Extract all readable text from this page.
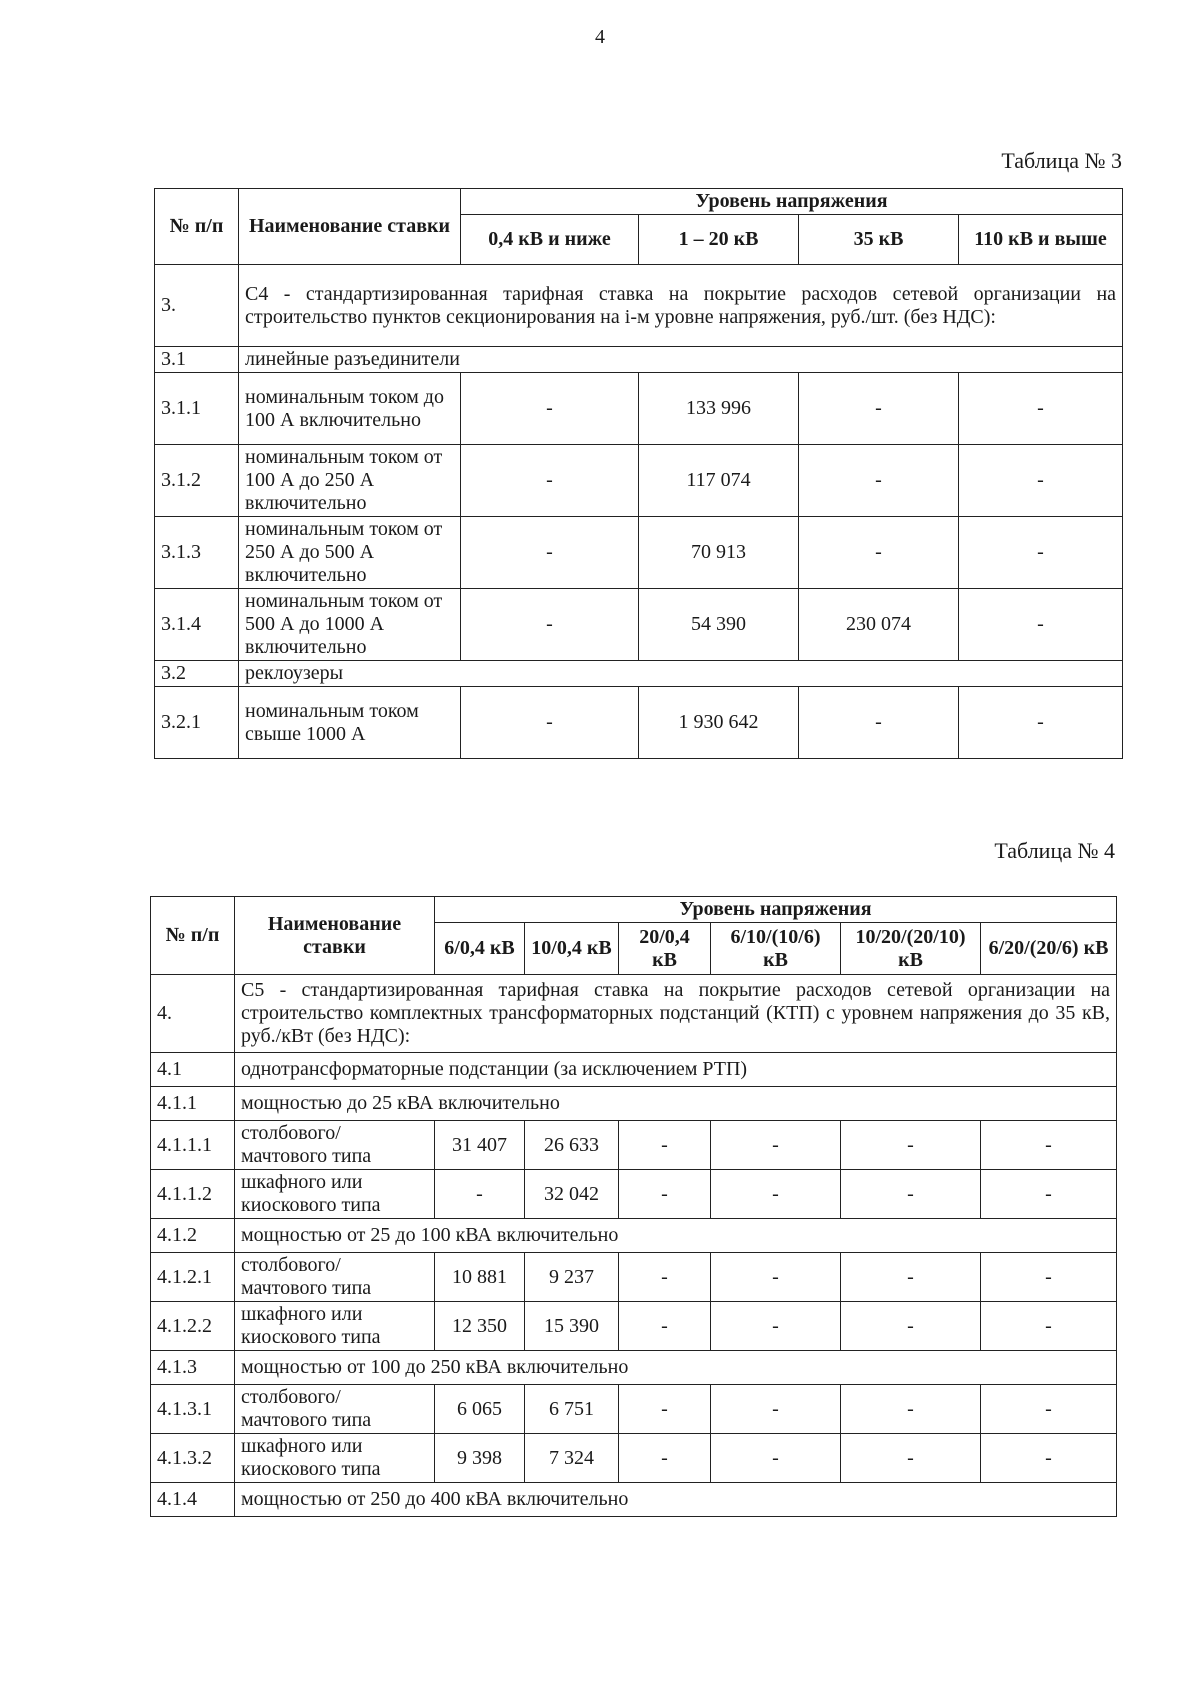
4
Таблица № 3
№ п/п	Наименование ставки	Уровень напряжения			
		0,4 кВ и ниже	1 – 20 кВ	35 кВ	110 кВ и выше
3.	С4 - стандартизированная тарифная ставка на покрытие расходов сетевой организации на строительство пунктов секционирования на i-м уровне напряжения, руб./шт. (без НДС):				
3.1	линейные разъединители				
3.1.1	номинальным током до 100 А включительно	-	133 996	-	-
3.1.2	номинальным током от 100 А до 250 А включительно	-	117 074	-	-
3.1.3	номинальным током от 250 А до 500 А включительно	-	70 913	-	-
3.1.4	номинальным током от 500 А до 1000 А включительно	-	54 390	230 074	-
3.2	реклоузеры				
3.2.1	номинальным током свыше 1000 А	-	1 930 642	-	-
Таблица № 4
№ п/п	Наименование ставки	Уровень напряжения					
		6/0,4 кВ	10/0,4 кВ	20/0,4 кВ	6/10/(10/6) кВ	10/20/(20/10) кВ	6/20/(20/6) кВ
4.	С5 - стандартизированная тарифная ставка на покрытие расходов сетевой организации на строительство комплектных трансформаторных подстанций (КТП) с уровнем напряжения до 35 кВ, руб./кВт (без НДС):						
4.1	однотрансформаторные подстанции (за исключением РТП)						
4.1.1	мощностью до 25 кВА включительно						
4.1.1.1	столбового/ мачтового типа	31 407	26 633	-	-	-	-
4.1.1.2	шкафного или киоскового типа	-	32 042	-	-	-	-
4.1.2	мощностью от 25 до 100 кВА включительно						
4.1.2.1	столбового/ мачтового типа	10 881	9 237	-	-	-	-
4.1.2.2	шкафного или киоскового типа	12 350	15 390	-	-	-	-
4.1.3	мощностью от 100 до 250 кВА включительно						
4.1.3.1	столбового/ мачтового типа	6 065	6 751	-	-	-	-
4.1.3.2	шкафного или киоскового типа	9 398	7 324	-	-	-	-
4.1.4	мощностью от 250 до 400 кВА включительно						
